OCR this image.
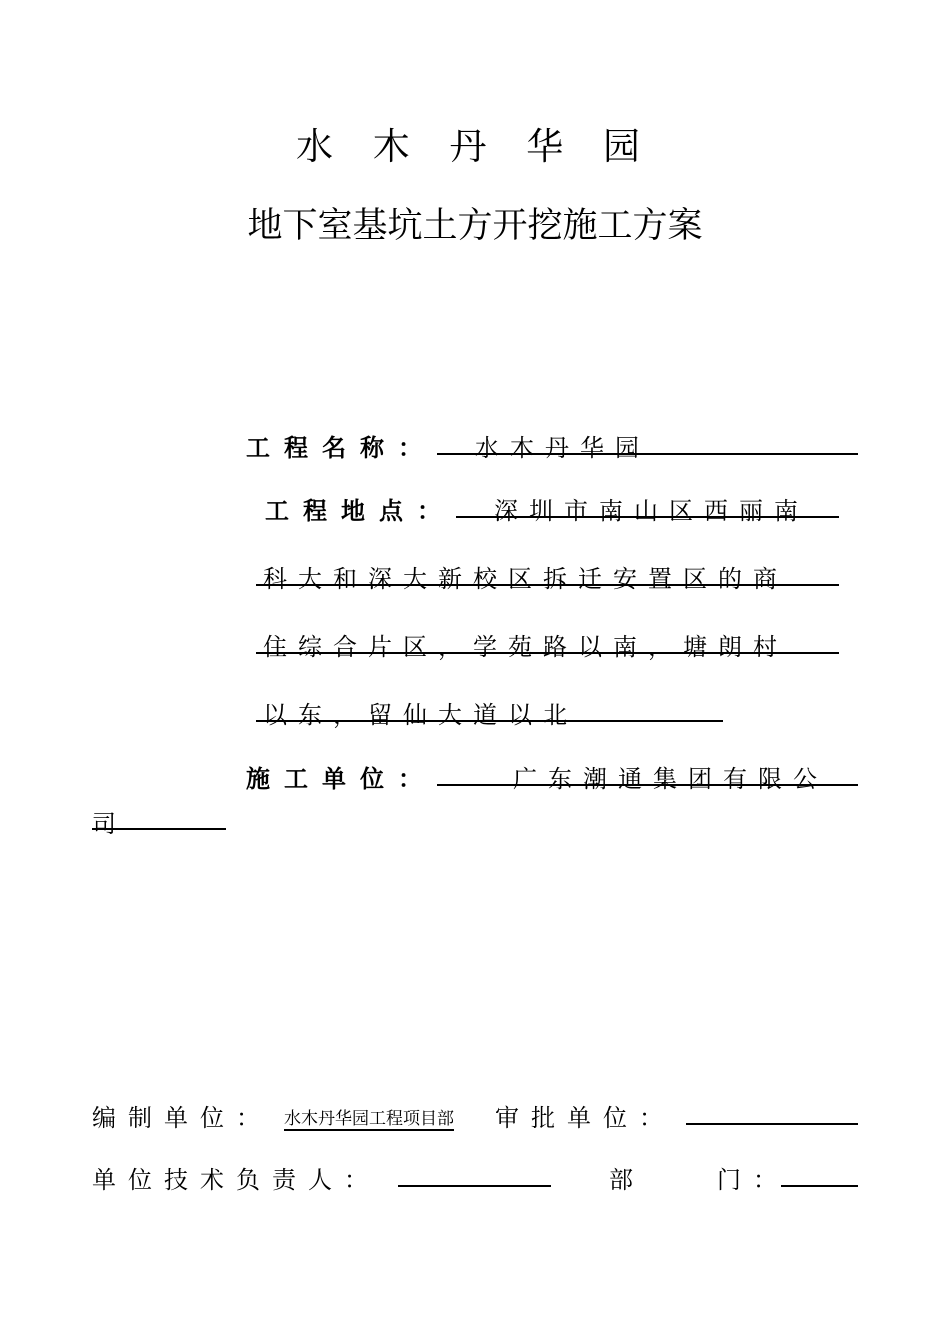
水 木 丹 华 园
地下室基坑土方开挖施工方案
工程名称： 水木丹华园
工程地点： 深圳市南山区西丽南
科大和深大新校区拆迁安置区的商
住综合片区，学苑路以南，塘朗村
以东，留仙大道以北
施工单位：	广东潮通集团有限公
司
编制单位： 水木丹华园工程项目部 审批单位：
单位技术负责人：	部　　门：
